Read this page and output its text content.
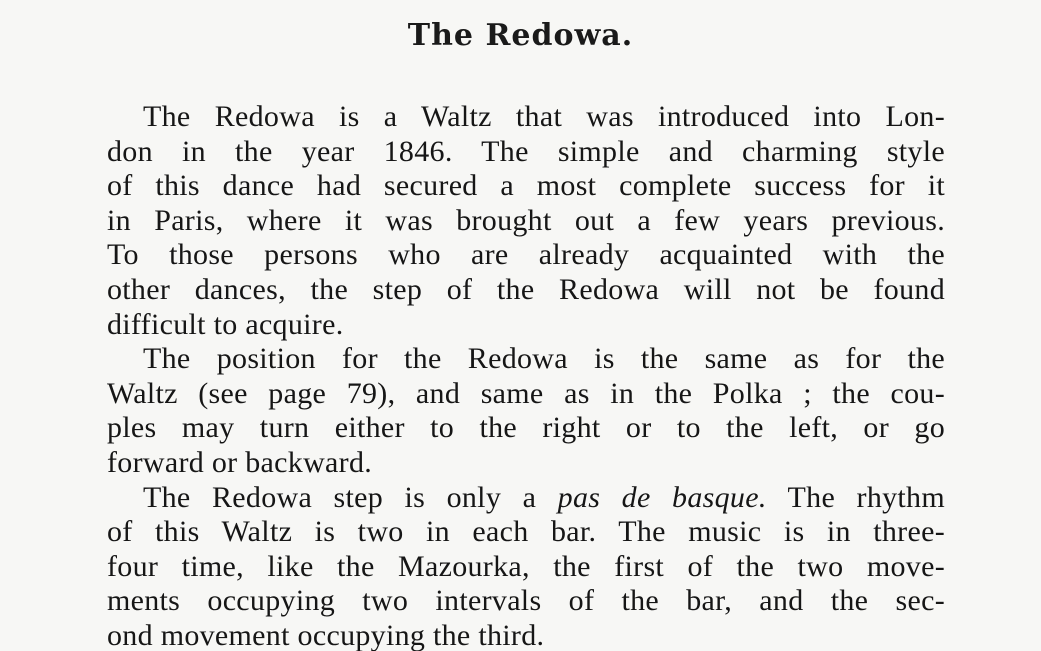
The Redowa.
The Redowa is a Waltz that was introduced into Lon-
don in the year 1846. The simple and charming style
of this dance had secured a most complete success for it
in Paris, where it was brought out a few years previous.
To those persons who are already acquainted with the
other dances, the step of the Redowa will not be found
difficult to acquire.
The position for the Redowa is the same as for the
Waltz (see page 79), and same as in the Polka ; the cou-
ples may turn either to the right or to the left, or go
forward or backward.
The Redowa step is only a pas de basque. The rhythm
of this Waltz is two in each bar. The music is in three-
four time, like the Mazourka, the first of the two move-
ments occupying two intervals of the bar, and the sec-
ond movement occupying the third.
